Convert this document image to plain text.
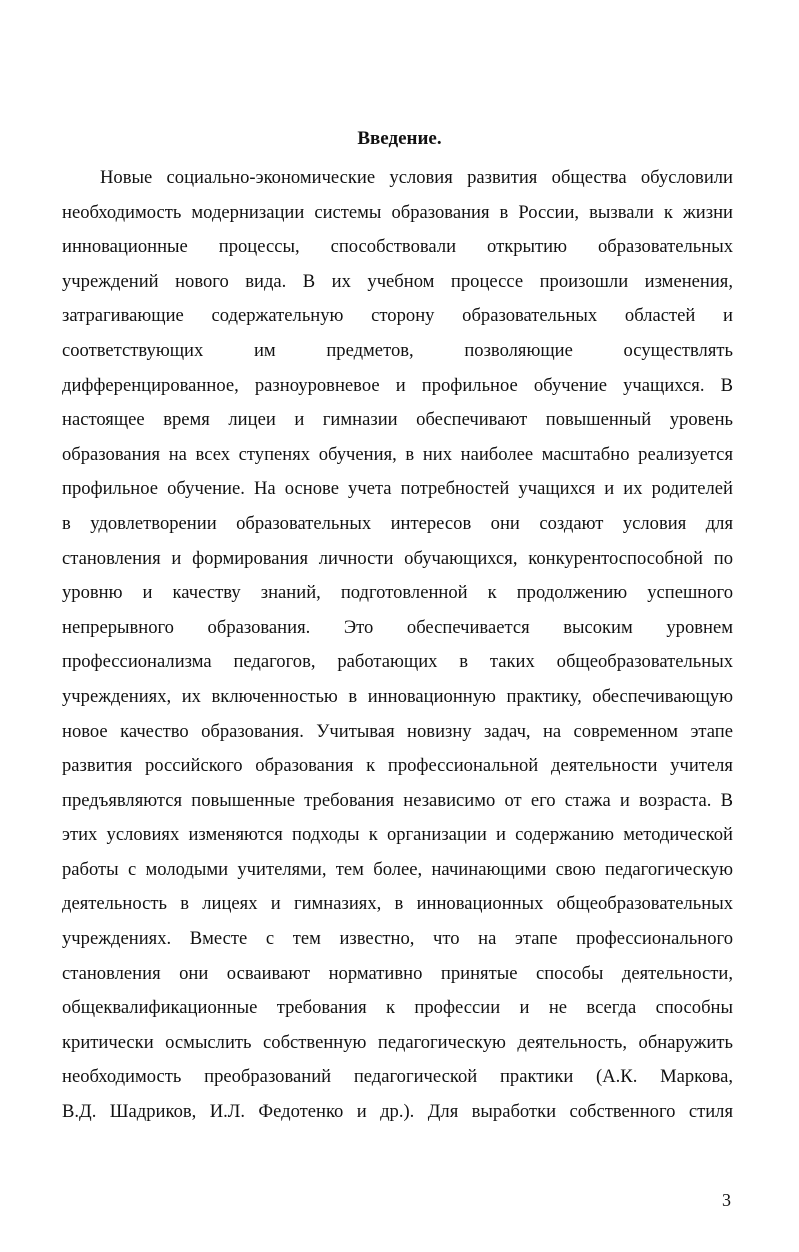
Введение.
Новые социально-экономические условия развития общества обусловили
необходимость модернизации системы образования в России, вызвали к жизни
инновационные процессы, способствовали открытию образовательных
учреждений нового вида. В их учебном процессе произошли изменения,
затрагивающие содержательную сторону образовательных областей и
соответствующих им предметов, позволяющие осуществлять
дифференцированное, разноуровневое и профильное обучение учащихся. В
настоящее время лицеи и гимназии обеспечивают повышенный уровень
образования на всех ступенях обучения, в них наиболее масштабно реализуется
профильное обучение. На основе учета потребностей учащихся и их родителей
в удовлетворении образовательных интересов они создают условия для
становления и формирования личности обучающихся, конкурентоспособной по
уровню и качеству знаний, подготовленной к продолжению успешного
непрерывного образования. Это обеспечивается высоким уровнем
профессионализма педагогов, работающих в таких общеобразовательных
учреждениях, их включенностью в инновационную практику, обеспечивающую
новое качество образования. Учитывая новизну задач, на современном этапе
развития российского образования к профессиональной деятельности учителя
предъявляются повышенные требования независимо от его стажа и возраста. В
этих условиях изменяются подходы к организации и содержанию методической
работы с молодыми учителями, тем более, начинающими свою педагогическую
деятельность в лицеях и гимназиях, в инновационных общеобразовательных
учреждениях. Вместе с тем известно, что на этапе профессионального
становления они осваивают нормативно принятые способы деятельности,
общеквалификационные требования к профессии и не всегда способны
критически осмыслить собственную педагогическую деятельность, обнаружить
необходимость преобразований педагогической практики (А.К. Маркова,
В.Д. Шадриков, И.Л. Федотенко и др.). Для выработки собственного стиля
3
